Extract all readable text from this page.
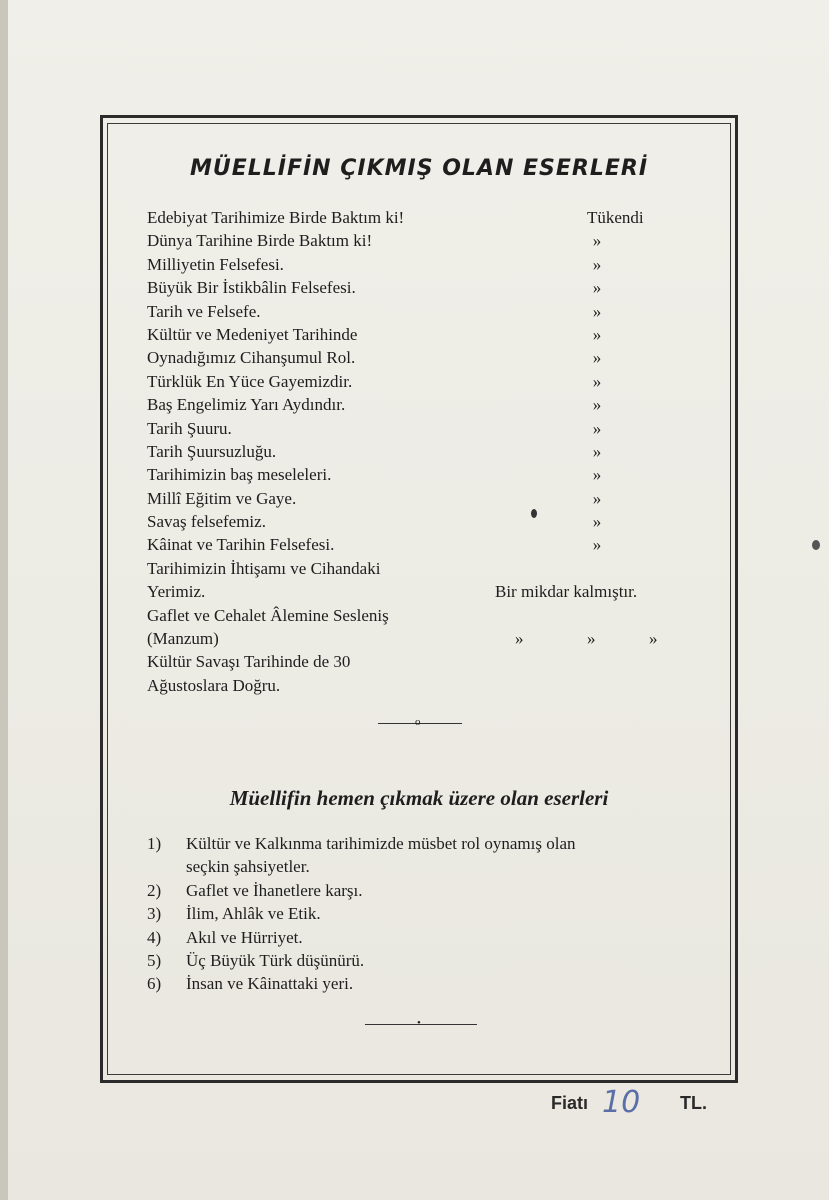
MÜELLİFİN ÇIKMIŞ OLAN ESERLERİ
Edebiyat Tarihimize Birde Baktım ki!	Tükendi
Dünya Tarihine Birde Baktım ki!	»
Milliyetin Felsefesi.	»
Büyük Bir İstikbâlin Felsefesi.	»
Tarih ve Felsefe.	»
Kültür ve Medeniyet Tarihinde	»
Oynadığımız Cihanşumul Rol.	»
Türklük En Yüce Gayemizdir.	»
Baş Engelimiz Yarı Aydındır.	»
Tarih Şuuru.	»
Tarih Şuursuzluğu.	»
Tarihimizin baş meseleleri.	»
Millî Eğitim ve Gaye.	»
Savaş felsefemiz.	»
Kâinat ve Tarihin Felsefesi.	»
Tarihimizin İhtişamı ve Cihandaki
Yerimiz.	Bir mikdar kalmıştır.
Gaflet ve Cehalet Âlemine Sesleniş
(Manzum)	»	»	»
Kültür Savaşı Tarihinde de 30
Ağustoslara Doğru.
o
Müellifin hemen çıkmak üzere olan eserleri
1) Kültür ve Kalkınma tarihimizde müsbet rol oynamış olan
seçkin şahsiyetler.
2) Gaflet ve İhanetlere karşı.
3) İlim, Ahlâk ve Etik.
4) Akıl ve Hürriyet.
5) Üç Büyük Türk düşünürü.
6) İnsan ve Kâinattaki yeri.
•
Fiatı 10 TL.
